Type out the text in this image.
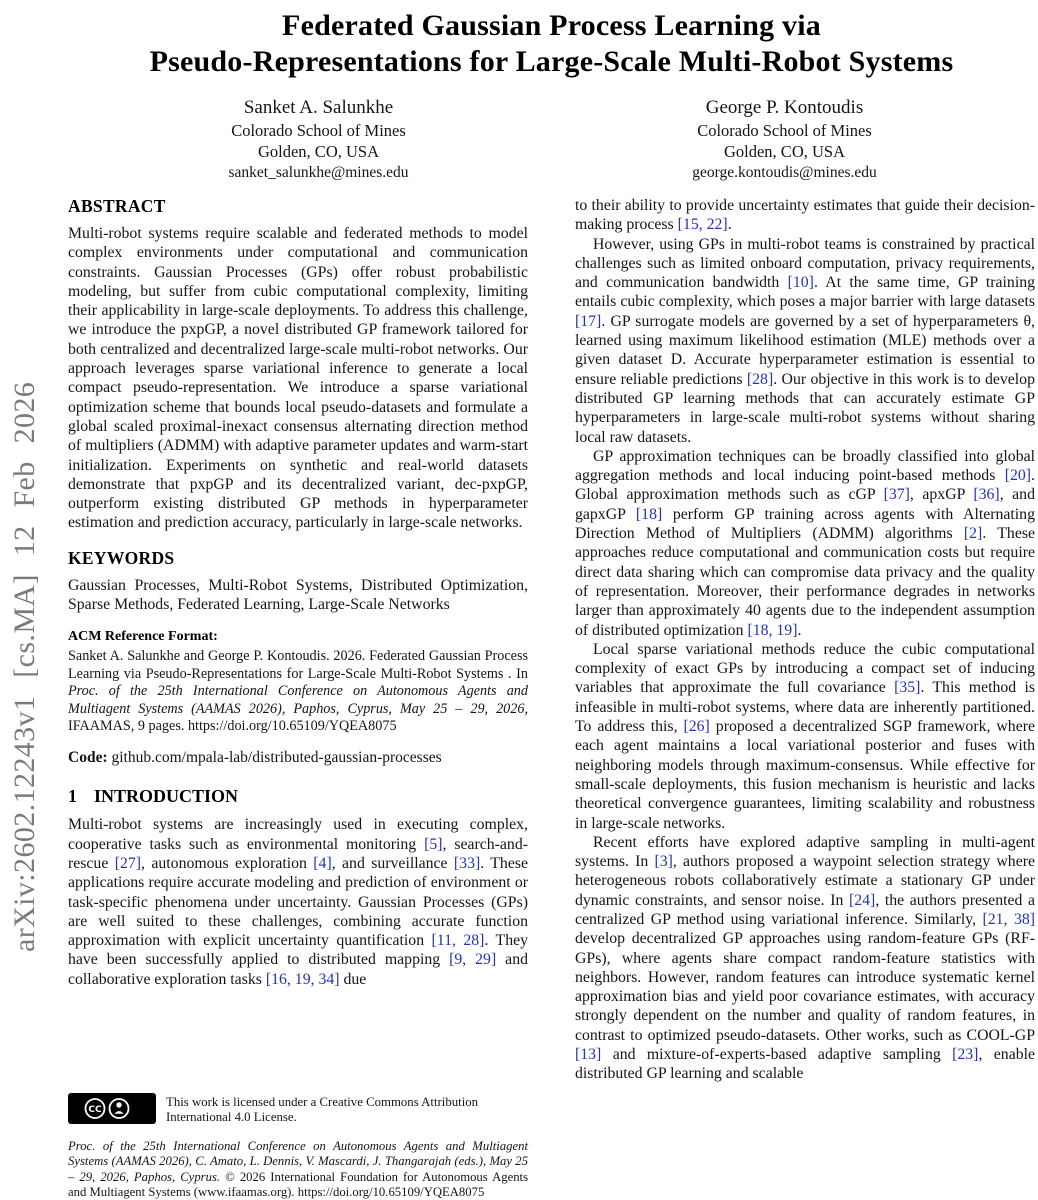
arXiv:2602.12243v1 [cs.MA] 12 Feb 2026
Federated Gaussian Process Learning via
Pseudo-Representations for Large-Scale Multi-Robot Systems
Sanket A. Salunkhe
Colorado School of Mines
Golden, CO, USA
sanket_salunkhe@mines.edu
George P. Kontoudis
Colorado School of Mines
Golden, CO, USA
george.kontoudis@mines.edu
ABSTRACT

Multi-robot systems require scalable and federated methods to model complex environments under computational and communication constraints. Gaussian Processes (GPs) offer robust probabilistic modeling, but suffer from cubic computational complexity, limiting their applicability in large-scale deployments. To address this challenge, we introduce the pxpGP, a novel distributed GP framework tailored for both centralized and decentralized large-scale multi-robot networks. Our approach leverages sparse variational inference to generate a local compact pseudo-representation. We introduce a sparse variational optimization scheme that bounds local pseudo-datasets and formulate a global scaled proximal-inexact consensus alternating direction method of multipliers (ADMM) with adaptive parameter updates and warm-start initialization. Experiments on synthetic and real-world datasets demonstrate that pxpGP and its decentralized variant, dec-pxpGP, outperform existing distributed GP methods in hyperparameter estimation and prediction accuracy, particularly in large-scale networks.

KEYWORDS

Gaussian Processes, Multi-Robot Systems, Distributed Optimization, Sparse Methods, Federated Learning, Large-Scale Networks

ACM Reference Format:

Sanket A. Salunkhe and George P. Kontoudis. 2026. Federated Gaussian Process Learning via Pseudo-Representations for Large-Scale Multi-Robot Systems . In Proc. of the 25th International Conference on Autonomous Agents and Multiagent Systems (AAMAS 2026), Paphos, Cyprus, May 25 – 29, 2026, IFAAMAS, 9 pages. https://doi.org/10.65109/YQEA8075

Code: github.com/mpala-lab/distributed-gaussian-processes

1 INTRODUCTION

Multi-robot systems are increasingly used in executing complex, cooperative tasks such as environmental monitoring [5], search-and-rescue [27], autonomous exploration [4], and surveillance [33]. These applications require accurate modeling and prediction of environment or task-specific phenomena under uncertainty. Gaussian Processes (GPs) are well suited to these challenges, combining accurate function approximation with explicit uncertainty quantification [11, 28]. They have been successfully applied to distributed mapping [9, 29] and collaborative exploration tasks [16, 19, 34] due

CC
This work is licensed under a Creative Commons Attribution International 4.0 License.
Proc. of the 25th International Conference on Autonomous Agents and Multiagent Systems (AAMAS 2026), C. Amato, L. Dennis, V. Mascardi, J. Thangarajah (eds.), May 25 – 29, 2026, Paphos, Cyprus. © 2026 International Foundation for Autonomous Agents and Multiagent Systems (www.ifaamas.org). https://doi.org/10.65109/YQEA8075

to their ability to provide uncertainty estimates that guide their decision-making process [15, 22].

However, using GPs in multi-robot teams is constrained by practical challenges such as limited onboard computation, privacy requirements, and communication bandwidth [10]. At the same time, GP training entails cubic complexity, which poses a major barrier with large datasets [17]. GP surrogate models are governed by a set of hyperparameters θ, learned using maximum likelihood estimation (MLE) methods over a given dataset D. Accurate hyperparameter estimation is essential to ensure reliable predictions [28]. Our objective in this work is to develop distributed GP learning methods that can accurately estimate GP hyperparameters in large-scale multi-robot systems without sharing local raw datasets.

GP approximation techniques can be broadly classified into global aggregation methods and local inducing point-based methods [20]. Global approximation methods such as cGP [37], apxGP [36], and gapxGP [18] perform GP training across agents with Alternating Direction Method of Multipliers (ADMM) algorithms [2]. These approaches reduce computational and communication costs but require direct data sharing which can compromise data privacy and the quality of representation. Moreover, their performance degrades in networks larger than approximately 40 agents due to the independent assumption of distributed optimization [18, 19].

Local sparse variational methods reduce the cubic computational complexity of exact GPs by introducing a compact set of inducing variables that approximate the full covariance [35]. This method is infeasible in multi-robot systems, where data are inherently partitioned. To address this, [26] proposed a decentralized SGP framework, where each agent maintains a local variational posterior and fuses with neighboring models through maximum-consensus. While effective for small-scale deployments, this fusion mechanism is heuristic and lacks theoretical convergence guarantees, limiting scalability and robustness in large-scale networks.

Recent efforts have explored adaptive sampling in multi-agent systems. In [3], authors proposed a waypoint selection strategy where heterogeneous robots collaboratively estimate a stationary GP under dynamic constraints, and sensor noise. In [24], the authors presented a centralized GP method using variational inference. Similarly, [21, 38] develop decentralized GP approaches using random-feature GPs (RF-GPs), where agents share compact random-feature statistics with neighbors. However, random features can introduce systematic kernel approximation bias and yield poor covariance estimates, with accuracy strongly dependent on the number and quality of random features, in contrast to optimized pseudo-datasets. Other works, such as COOL-GP [13] and mixture-of-experts-based adaptive sampling [23], enable distributed GP learning and scalable
